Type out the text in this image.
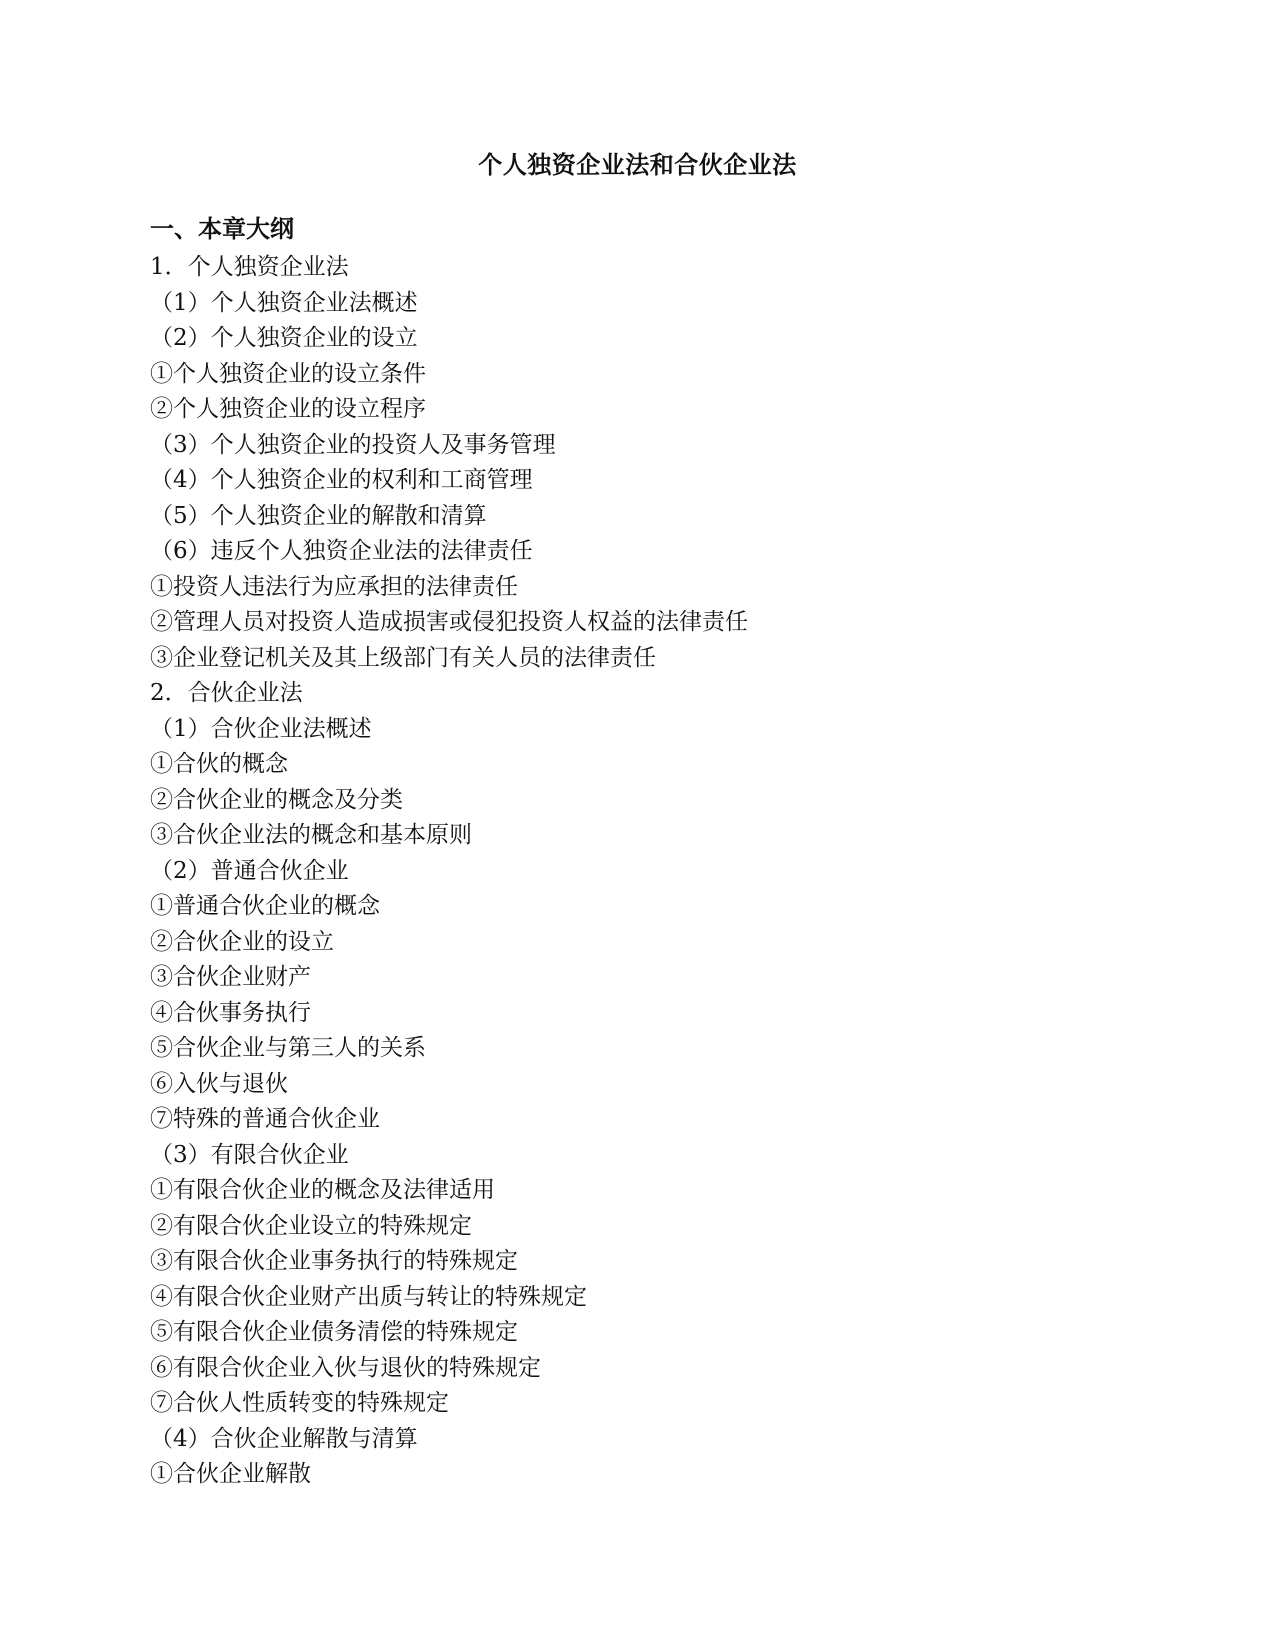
个人独资企业法和合伙企业法
一、本章大纲
1．个人独资企业法
（1）个人独资企业法概述
（2）个人独资企业的设立
①个人独资企业的设立条件
②个人独资企业的设立程序
（3）个人独资企业的投资人及事务管理
（4）个人独资企业的权利和工商管理
（5）个人独资企业的解散和清算
（6）违反个人独资企业法的法律责任
①投资人违法行为应承担的法律责任
②管理人员对投资人造成损害或侵犯投资人权益的法律责任
③企业登记机关及其上级部门有关人员的法律责任
2．合伙企业法
（1）合伙企业法概述
①合伙的概念
②合伙企业的概念及分类
③合伙企业法的概念和基本原则
（2）普通合伙企业
①普通合伙企业的概念
②合伙企业的设立
③合伙企业财产
④合伙事务执行
⑤合伙企业与第三人的关系
⑥入伙与退伙
⑦特殊的普通合伙企业
（3）有限合伙企业
①有限合伙企业的概念及法律适用
②有限合伙企业设立的特殊规定
③有限合伙企业事务执行的特殊规定
④有限合伙企业财产出质与转让的特殊规定
⑤有限合伙企业债务清偿的特殊规定
⑥有限合伙企业入伙与退伙的特殊规定
⑦合伙人性质转变的特殊规定
（4）合伙企业解散与清算
①合伙企业解散
